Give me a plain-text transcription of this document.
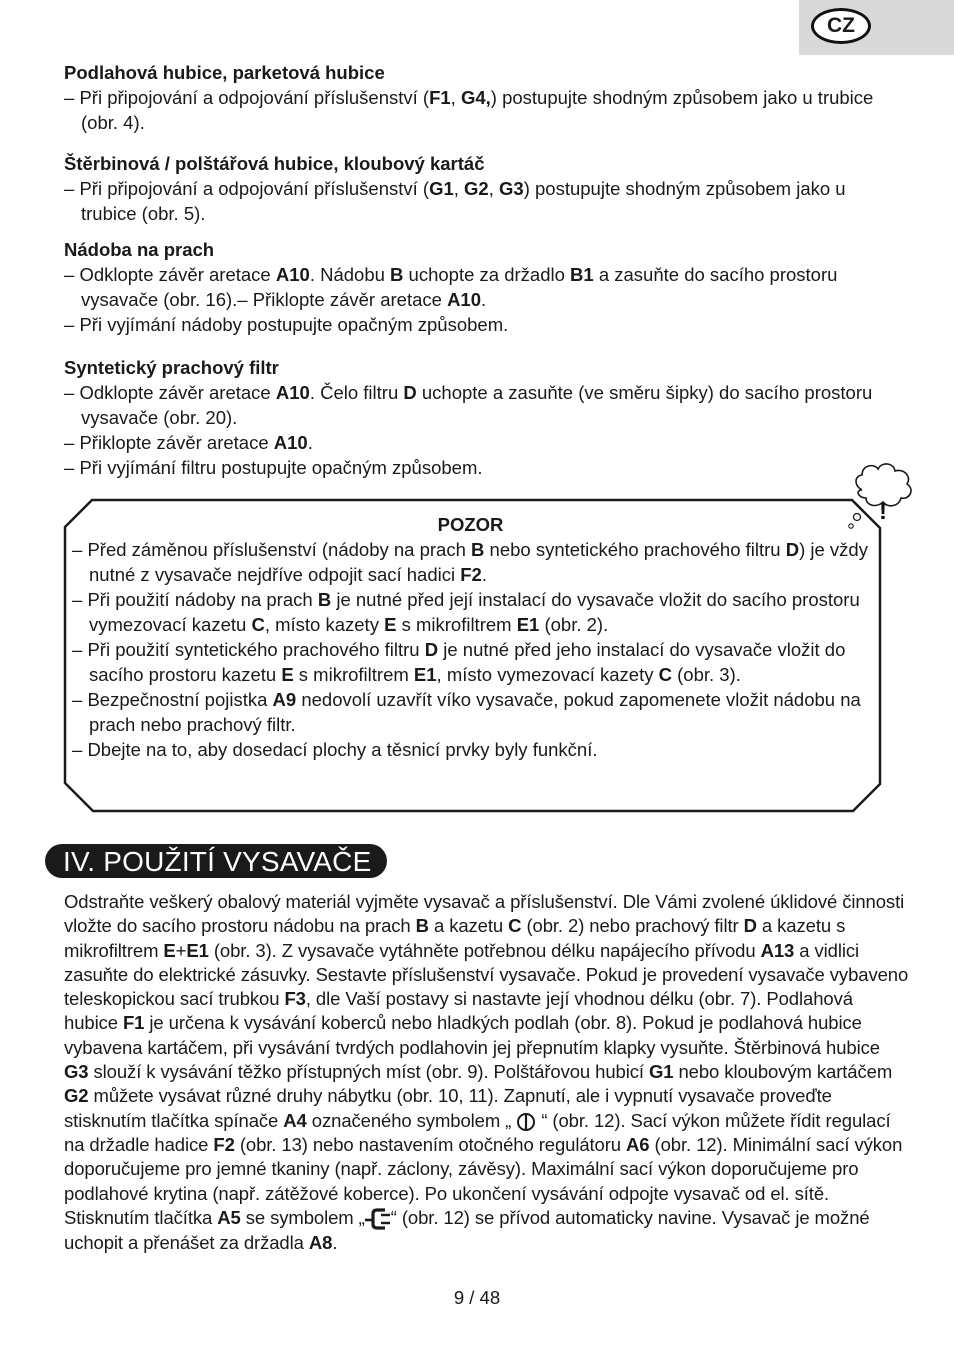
CZ
Podlahová hubice, parketová hubice
– Při připojování a odpojování příslušenství (F1, G4,) postupujte shodným způsobem jako u trubice (obr. 4).
Štěrbinová / polštářová hubice, kloubový kartáč
– Při připojování a odpojování příslušenství (G1, G2, G3) postupujte shodným způsobem jako u trubice (obr. 5).
Nádoba na prach
– Odklopte závěr aretace A10. Nádobu B uchopte za držadlo B1 a zasuňte do sacího prostoru vysavače (obr. 16).– Přiklopte závěr aretace A10.
– Při vyjímání nádoby postupujte opačným způsobem.
Syntetický prachový filtr
– Odklopte závěr aretace A10. Čelo filtru D uchopte a zasuňte (ve směru šipky) do sacího prostoru vysavače (obr. 20).
– Přiklopte závěr aretace A10.
– Při vyjímání filtru postupujte opačným způsobem.
!
POZOR
– Před záměnou příslušenství (nádoby na prach B nebo syntetického prachového filtru D) je vždy nutné z vysavače nejdříve odpojit sací hadici F2.
– Při použití nádoby na prach B je nutné před její instalací do vysavače vložit do sacího prostoru vymezovací kazetu C, místo kazety E s mikrofiltrem E1 (obr. 2).
– Při použití syntetického prachového filtru D je nutné před jeho instalací do vysavače vložit do sacího prostoru kazetu E s mikrofiltrem E1, místo vymezovací kazety C (obr. 3).
– Bezpečnostní pojistka A9 nedovolí uzavřít víko vysavače, pokud zapomenete vložit nádobu na prach nebo prachový filtr.
– Dbejte na to, aby dosedací plochy a těsnicí prvky byly funkční.
IV. POUŽITÍ VYSAVAČE
Odstraňte veškerý obalový materiál vyjměte vysavač a příslušenství. Dle Vámi zvolené úklidové činnosti vložte do sacího prostoru nádobu na prach B a kazetu C (obr. 2) nebo prachový filtr D a kazetu s mikrofiltrem E+E1 (obr. 3). Z vysavače vytáhněte potřebnou délku napájecího přívodu A13 a vidlici zasuňte do elektrické zásuvky. Sestavte příslušenství vysavače. Pokud je provedení vysavače vybaveno teleskopickou sací trubkou F3, dle Vaší postavy si nastavte její vhodnou délku (obr. 7). Podlahová hubice F1 je určena k vysávání koberců nebo hladkých podlah (obr. 8). Pokud je podlahová hubice vybavena kartáčem, při vysávání tvrdých podlahovin jej přepnutím klapky vysuňte. Štěrbinová hubice G3 slouží k vysávání těžko přístupných míst (obr. 9). Polštářovou hubicí G1 nebo kloubovým kartáčem G2 můžete vysávat různé druhy nábytku (obr. 10, 11). Zapnutí, ale i vypnutí vysavače proveďte stisknutím tlačítka spínače A4 označeného symbolem „  “ (obr. 12). Sací výkon můžete řídit regulací na držadle hadice F2 (obr. 13) nebo nastavením otočného regulátoru A6 (obr. 12). Minimální sací výkon doporučujeme pro jemné tkaniny (např. záclony, závěsy). Maximální sací výkon doporučujeme pro podlahové krytina (např. zátěžové koberce). Po ukončení vysávání odpojte vysavač od el. sítě. Stisknutím tlačítka A5 se symbolem „ “ (obr. 12) se přívod automaticky navine. Vysavač je možné uchopit a přenášet za držadla A8.
9 / 48
